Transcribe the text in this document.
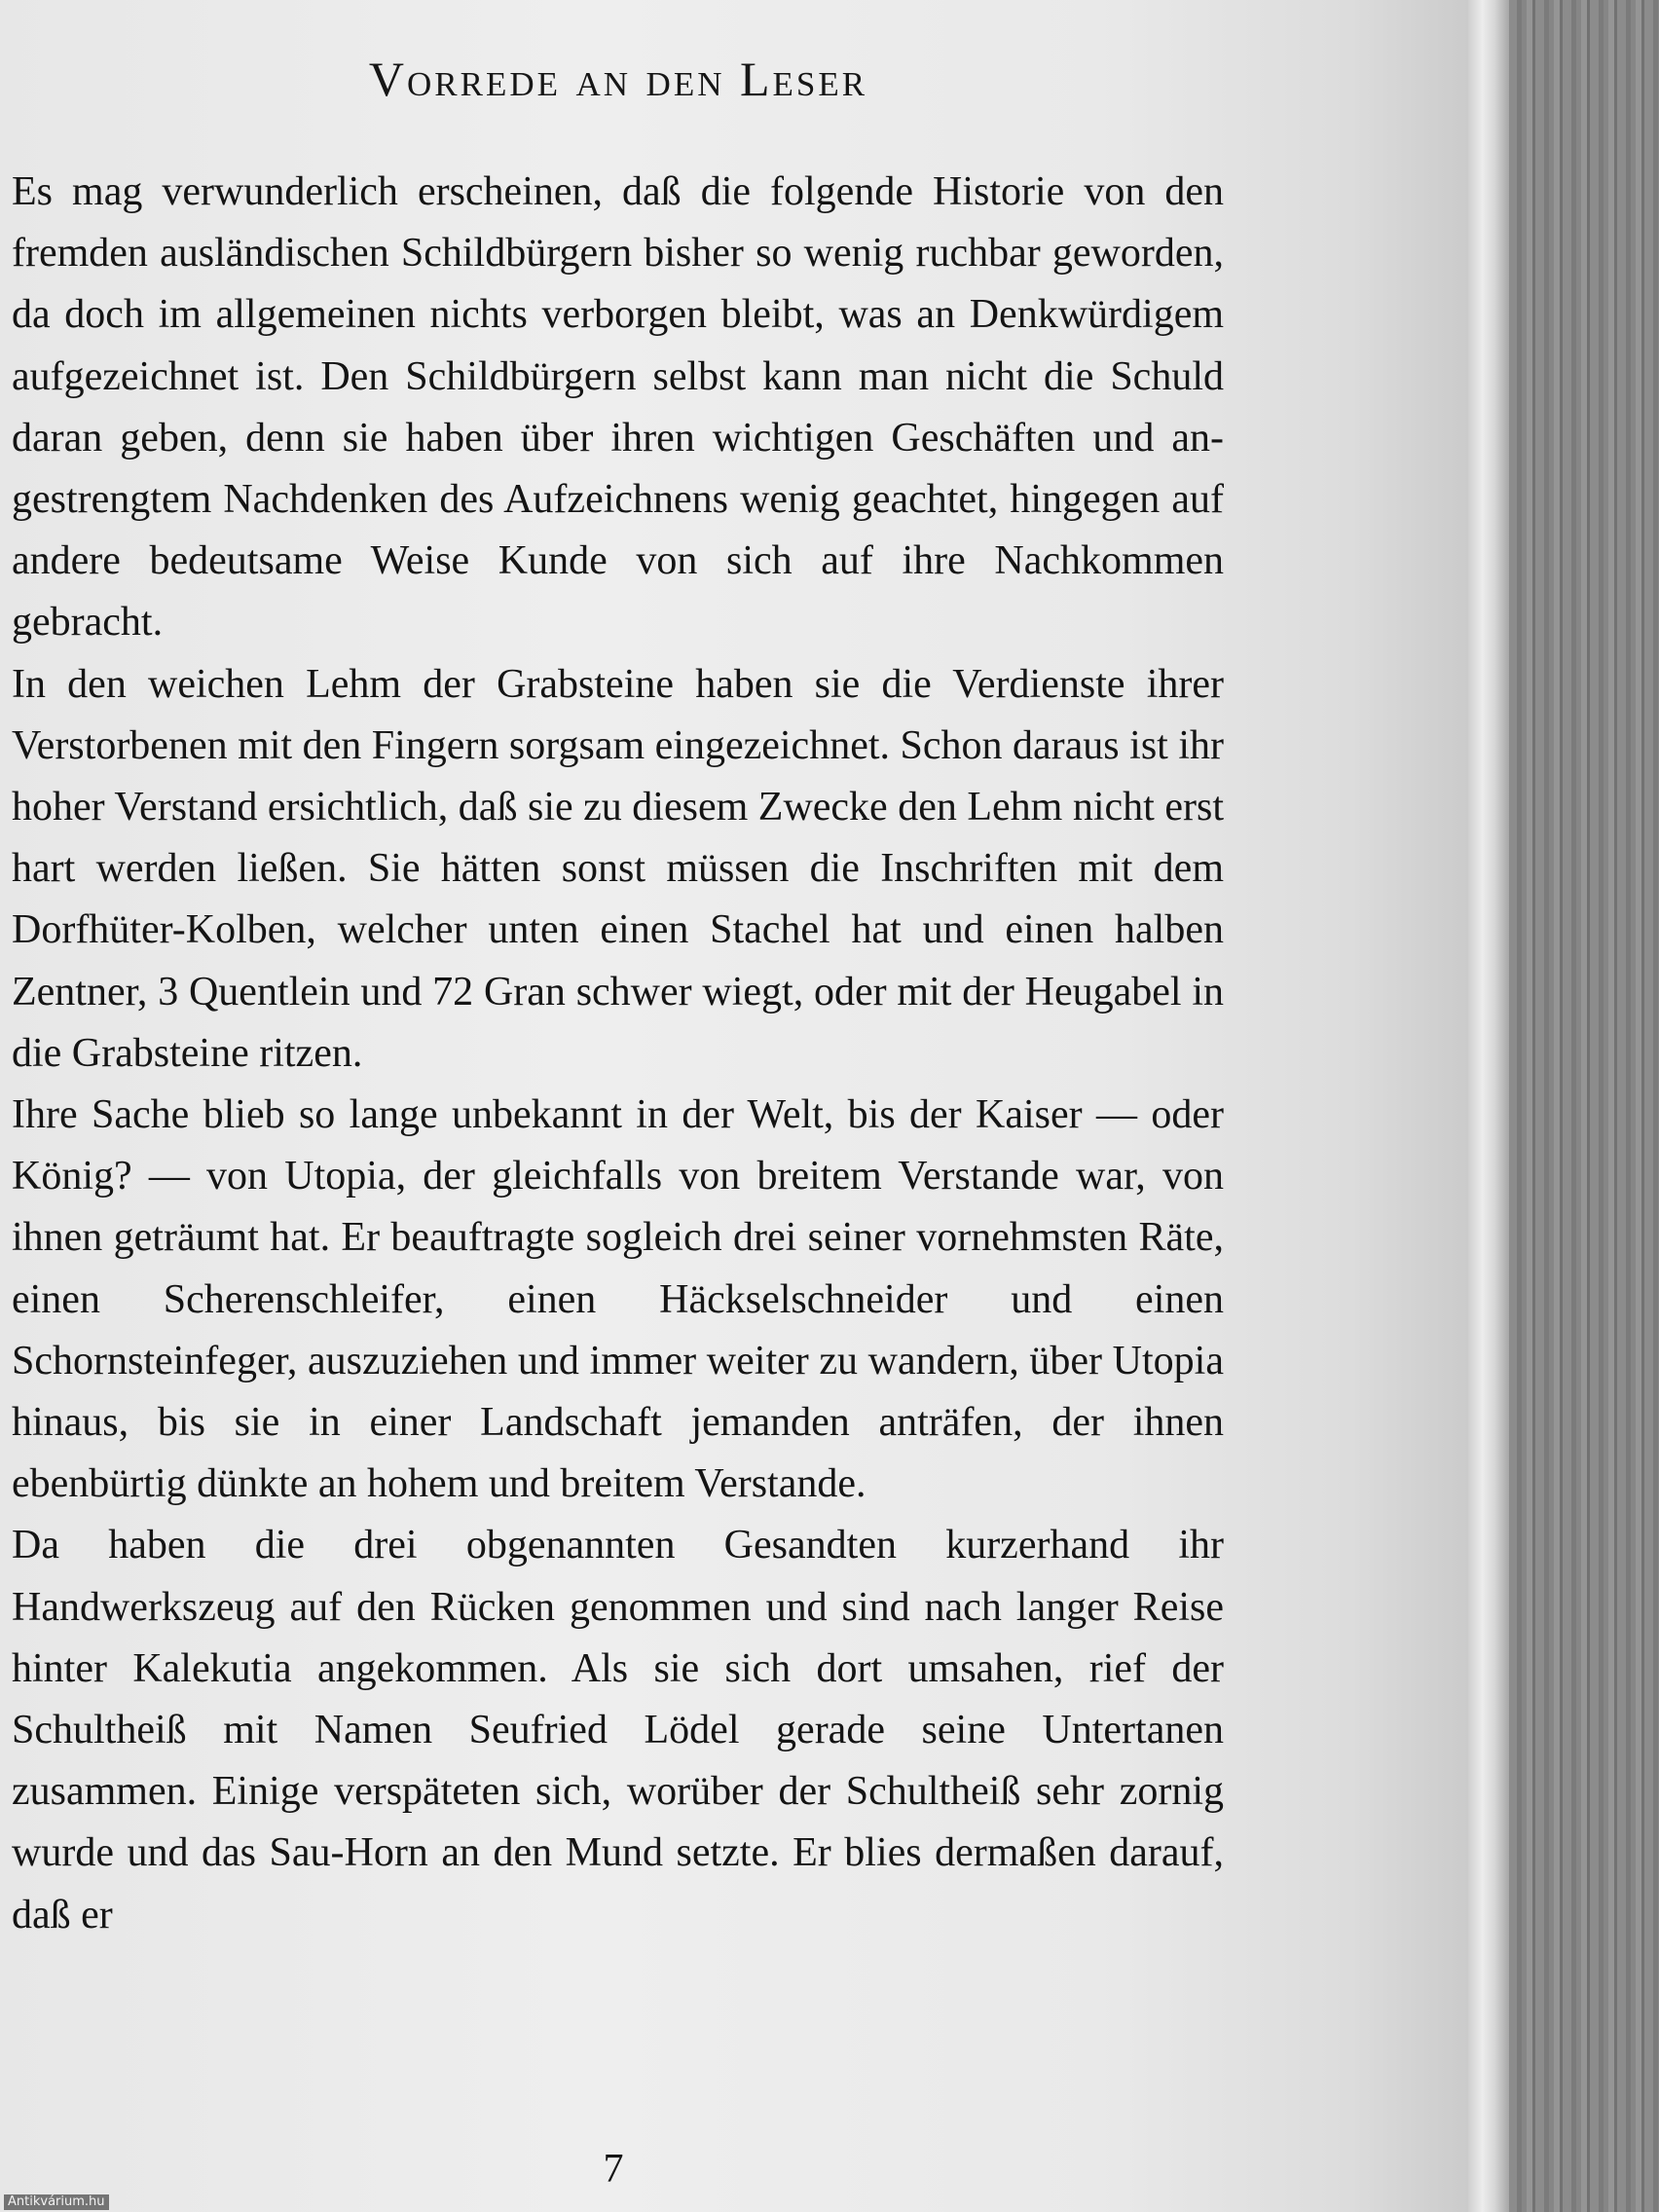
Vorrede an den Leser

Es mag verwunderlich erscheinen, daß die folgende Historie von den fremden ausländischen Schildbürgern bisher so wenig ruchbar geworden, da doch im allgemeinen nichts verborgen bleibt, was an Denkwürdigem aufgezeichnet ist. Den Schildbürgern selbst kann man nicht die Schuld daran geben, denn sie haben über ihren wichtigen Geschäften und angestrengtem Nachdenken des Aufzeichnens wenig geachtet, hingegen auf andere bedeutsame Weise Kunde von sich auf ihre Nachkommen gebracht.

In den weichen Lehm der Grabsteine haben sie die Verdienste ihrer Verstorbenen mit den Fingern sorgsam eingezeichnet. Schon daraus ist ihr hoher Verstand ersichtlich, daß sie zu diesem Zwecke den Lehm nicht erst hart werden ließen. Sie hätten sonst müssen die Inschriften mit dem Dorfhüter-Kolben, welcher unten einen Stachel hat und einen halben Zentner, 3 Quentlein und 72 Gran schwer wiegt, oder mit der Heugabel in die Grabsteine ritzen.

Ihre Sache blieb so lange unbekannt in der Welt, bis der Kaiser — oder König? — von Utopia, der gleichfalls von breitem Verstande war, von ihnen geträumt hat. Er beauftragte sogleich drei seiner vornehmsten Räte, einen Scherenschleifer, einen Häckselschneider und einen Schornsteinfeger, auszuziehen und immer weiter zu wandern, über Utopia hinaus, bis sie in einer Landschaft jemanden anträfen, der ihnen ebenbürtig dünkte an hohem und breitem Verstande.

Da haben die drei obgenannten Gesandten kurzerhand ihr Handwerkszeug auf den Rücken genommen und sind nach langer Reise hinter Kalekutia angekommen. Als sie sich dort umsahen, rief der Schultheiß mit Namen Seufried Lödel gerade seine Untertanen zusammen. Einige verspäteten sich, worüber der Schultheiß sehr zornig wurde und das Sau-Horn an den Mund setzte. Er blies dermaßen darauf, daß er

7
Antikvárium.hu
